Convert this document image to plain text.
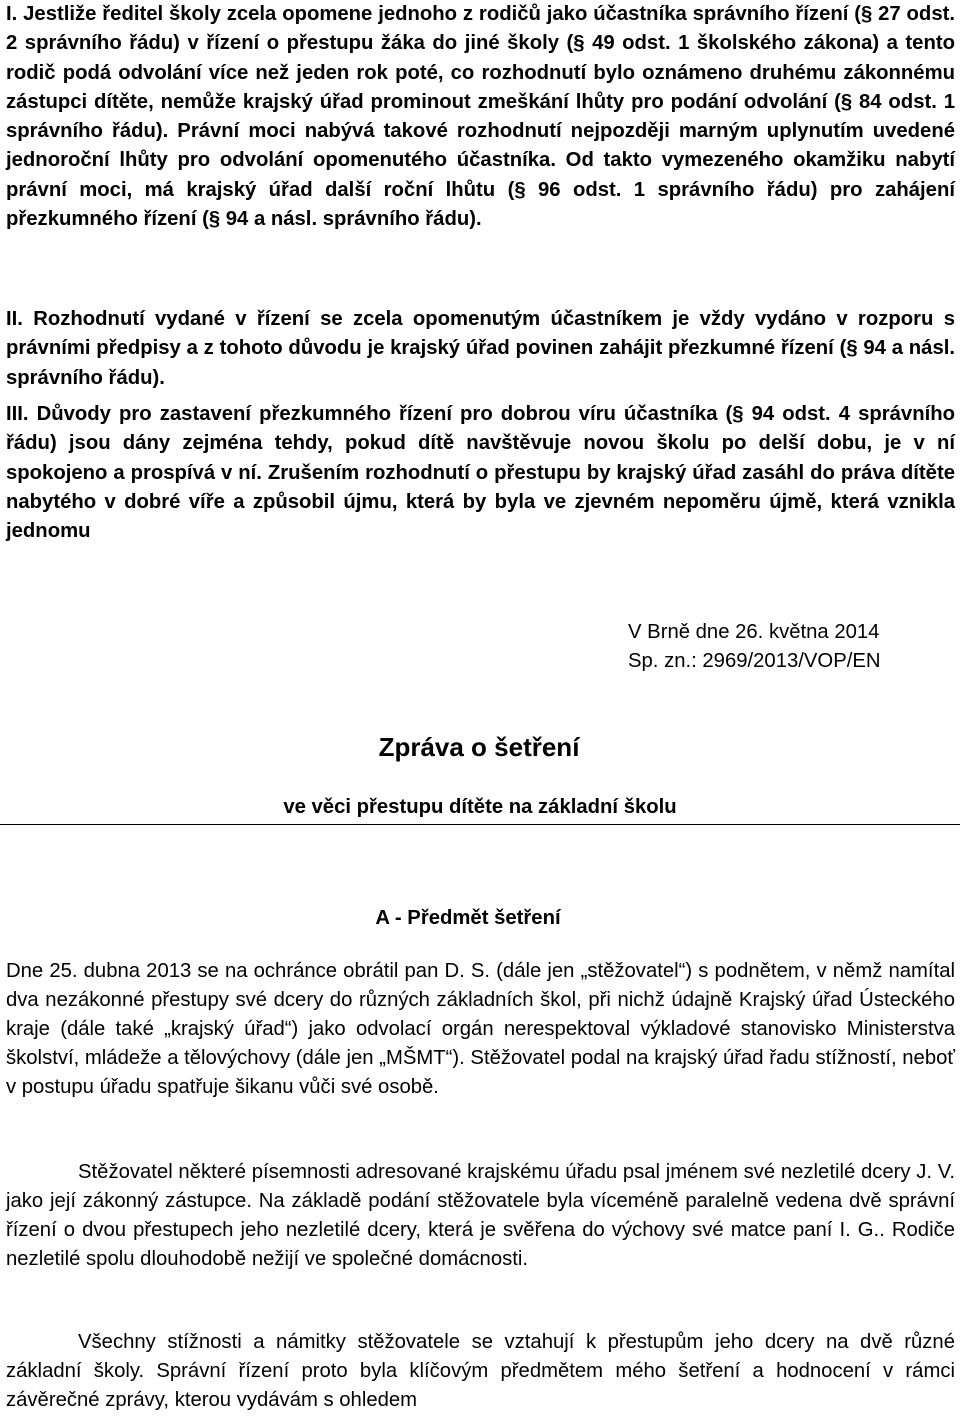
I. Jestliže ředitel školy zcela opomene jednoho z rodičů jako účastníka správního řízení (§ 27 odst. 2 správního řádu) v řízení o přestupu žáka do jiné školy (§ 49 odst. 1 školského zákona) a tento rodič podá odvolání více než jeden rok poté, co rozhodnutí bylo oznámeno druhému zákonnému zástupci dítěte, nemůže krajský úřad prominout zmeškání lhůty pro podání odvolání (§ 84 odst. 1 správního řádu). Právní moci nabývá takové rozhodnutí nejpozději marným uplynutím uvedené jednoroční lhůty pro odvolání opomenutého účastníka. Od takto vymezeného okamžiku nabytí právní moci, má krajský úřad další roční lhůtu (§ 96 odst. 1 správního řádu) pro zahájení přezkumného řízení (§ 94 a násl. správního řádu).

II. Rozhodnutí vydané v řízení se zcela opomenutým účastníkem je vždy vydáno v rozporu s právními předpisy a z tohoto důvodu je krajský úřad povinen zahájit přezkumné řízení (§ 94 a násl. správního řádu).

III. Důvody pro zastavení přezkumného řízení pro dobrou víru účastníka (§ 94 odst. 4 správního řádu) jsou dány zejména tehdy, pokud dítě navštěvuje novou školu po delší dobu, je v ní spokojeno a prospívá v ní. Zrušením rozhodnutí o přestupu by krajský úřad zasáhl do práva dítěte nabytého v dobré víře a způsobil újmu, která by byla ve zjevném nepoměru újmě, která vznikla jednomu

V Brně dne 26. května 2014
Sp. zn.: 2969/2013/VOP/EN
Zpráva o šetření
ve věci přestupu dítěte na základní školu
A - Předmět šetření

Dne 25. dubna 2013 se na ochránce obrátil pan D. S. (dále jen „stěžovatel“) s podnětem, v němž namítal dva nezákonné přestupy své dcery do různých základních škol, při nichž údajně Krajský úřad Ústeckého kraje (dále také „krajský úřad“) jako odvolací orgán nerespektoval výkladové stanovisko Ministerstva školství, mládeže a tělovýchovy (dále jen „MŠMT“). Stěžovatel podal na krajský úřad řadu stížností, neboť v postupu úřadu spatřuje šikanu vůči své osobě.

Stěžovatel některé písemnosti adresované krajskému úřadu psal jménem své nezletilé dcery J. V. jako její zákonný zástupce. Na základě podání stěžovatele byla víceméně paralelně vedena dvě správní řízení o dvou přestupech jeho nezletilé dcery, která je svěřena do výchovy své matce paní I. G.. Rodiče nezletilé spolu dlouhodobě nežijí ve společné domácnosti.

Všechny stížnosti a námitky stěžovatele se vztahují k přestupům jeho dcery na dvě různé základní školy. Správní řízení proto byla klíčovým předmětem mého šetření a hodnocení v rámci závěrečné zprávy, kterou vydávám s ohledem
